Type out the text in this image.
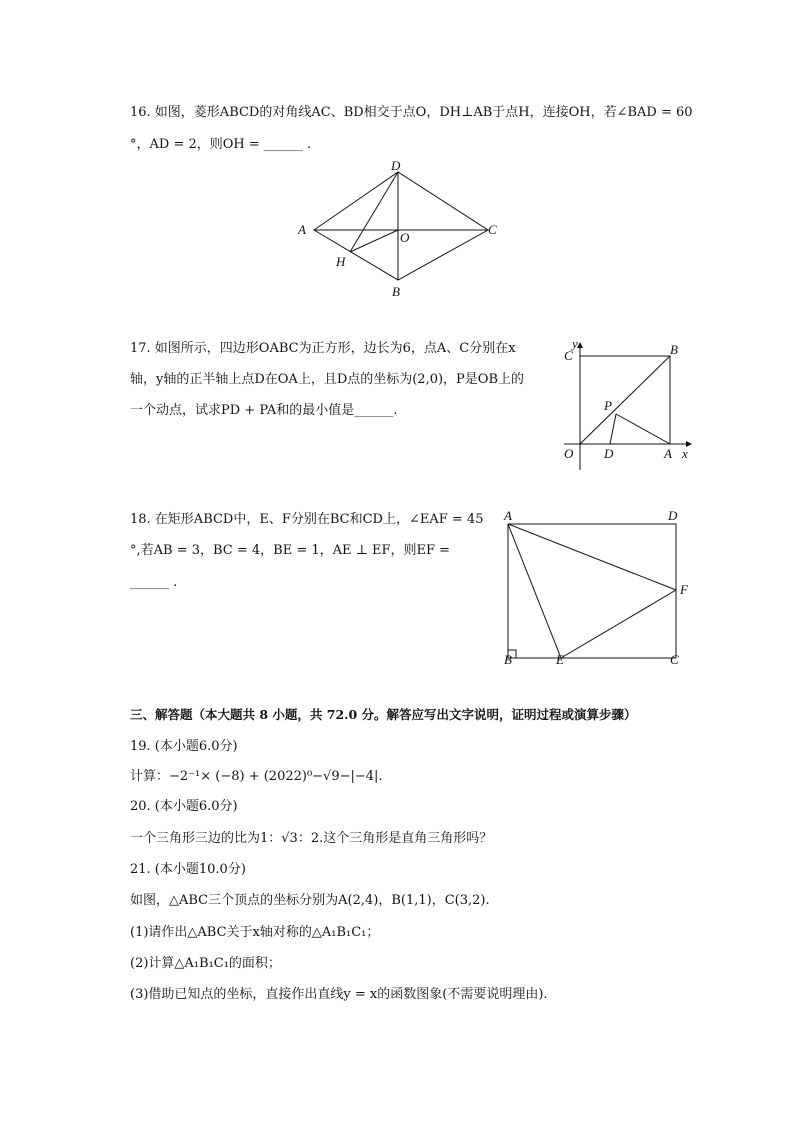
16. 如图，菱形ABCD的对角线AC、BD相交于点O，DH⊥AB于点H，连接OH，若∠BAD = 60
°，AD = 2，则OH = ______ .
D
A
O
C
H
B
17. 如图所示，四边形OABC为正方形，边长为6，点A、C分别在x
轴，y轴的正半轴上点D在OA上，且D点的坐标为(2,0)，P是OB上的
一个动点，试求PD + PA和的最小值是______.
y
C	B
P
O D	A x
18. 在矩形ABCD中，E、F分别在BC和CD上，∠EAF = 45
°,若AB = 3，BC = 4，BE = 1，AE ⊥ EF，则EF =
______ .
A	D
F
B	E	C
三、解答题（本大题共 8 小题，共 72.0 分。解答应写出文字说明，证明过程或演算步骤）
19. (本小题6.0分)
计算：−2⁻¹× (−8) + (2022)⁰−√9−|−4|.
20. (本小题6.0分)
一个三角形三边的比为1：√3：2.这个三角形是直角三角形吗？
21. (本小题10.0分)
如图，△ABC三个顶点的坐标分别为A(2,4)，B(1,1)，C(3,2).
(1)请作出△ABC关于x轴对称的△A₁B₁C₁；
(2)计算△A₁B₁C₁的面积；
(3)借助已知点的坐标，直接作出直线y = x的函数图象(不需要说明理由).
